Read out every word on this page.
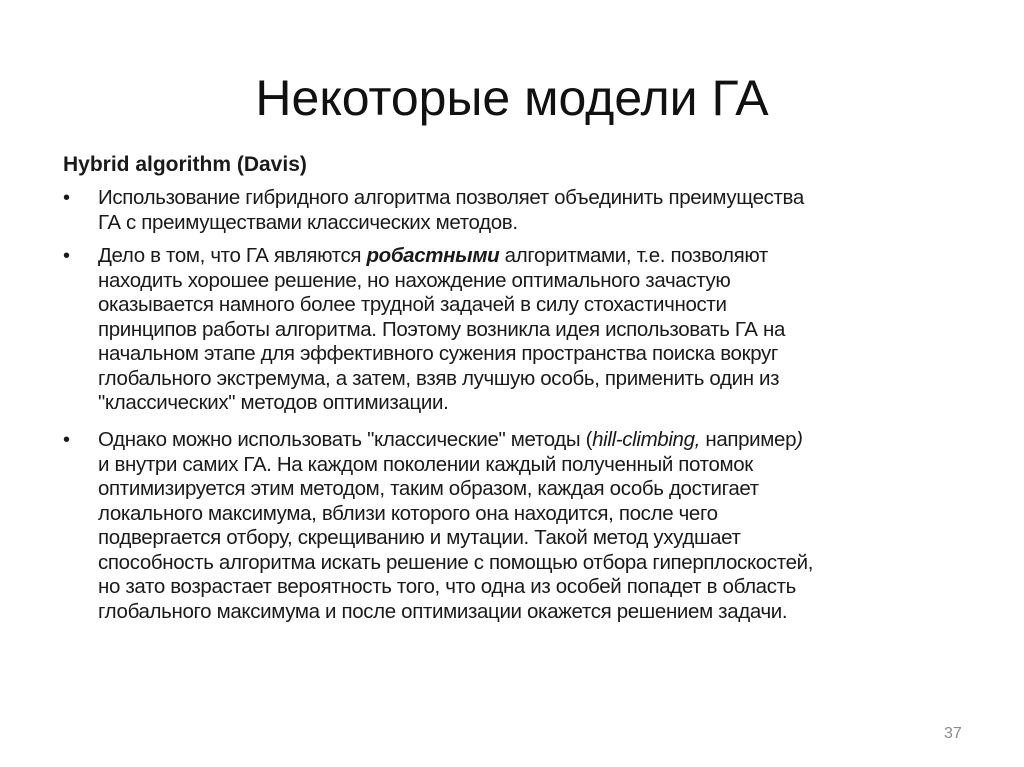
Некоторые модели ГА
Hybrid algorithm (Davis)
• Использование гибридного алгоритма позволяет объединить преимущества
ГА с преимуществами классических методов.
• Дело в том, что ГА являются робастными алгоритмами, т.е. позволяют
находить хорошее решение, но нахождение оптимального зачастую
оказывается намного более трудной задачей в силу стохастичности
принципов работы алгоритма. Поэтому возникла идея использовать ГА на
начальном этапе для эффективного сужения пространства поиска вокруг
глобального экстремума, а затем, взяв лучшую особь, применить один из
"классических" методов оптимизации.
• Однако можно использовать "классические" методы (hill-climbing, например)
и внутри самих ГА. На каждом поколении каждый полученный потомок
оптимизируется этим методом, таким образом, каждая особь достигает
локального максимума, вблизи которого она находится, после чего
подвергается отбору, скрещиванию и мутации. Такой метод ухудшает
способность алгоритма искать решение с помощью отбора гиперплоскостей,
но зато возрастает вероятность того, что одна из особей попадет в область
глобального максимума и после оптимизации окажется решением задачи.
37
